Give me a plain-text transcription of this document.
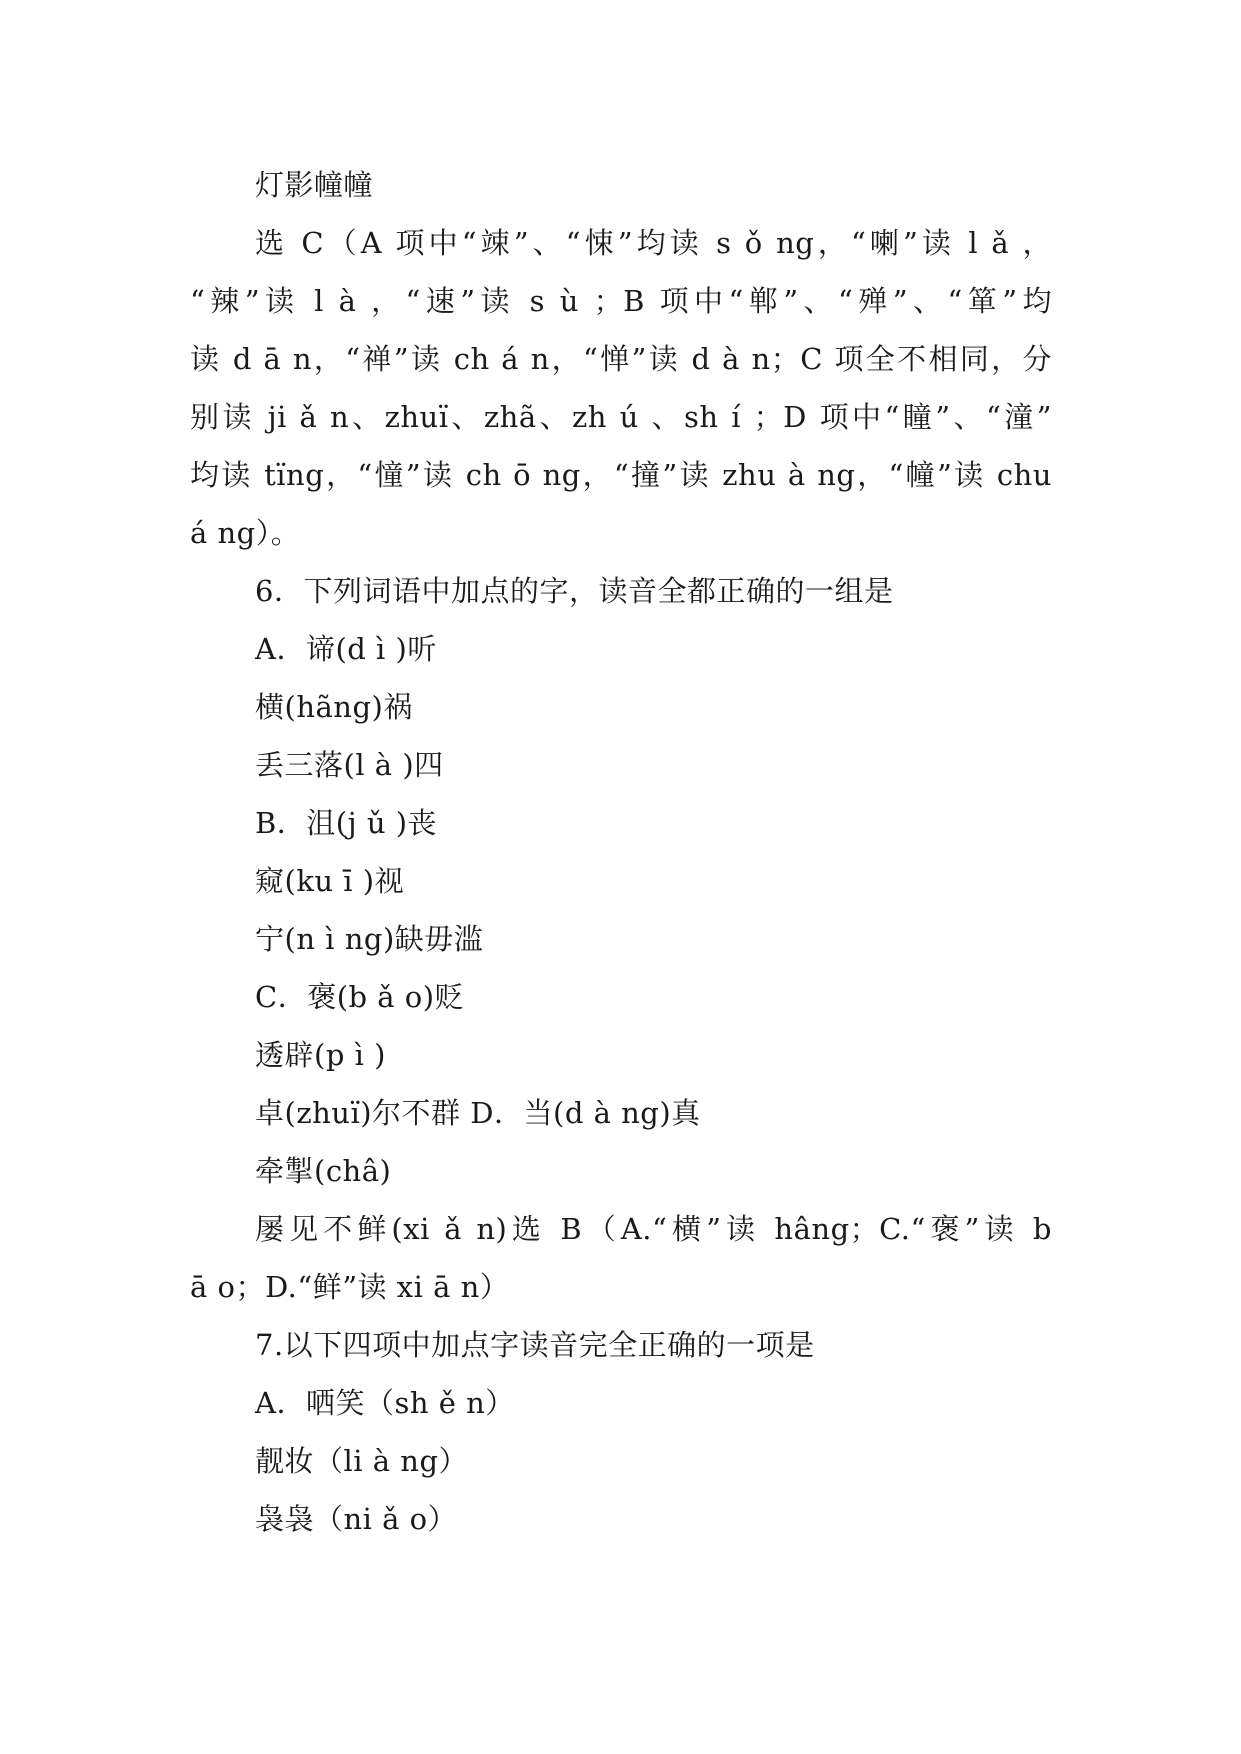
灯影幢幢
选 C（A 项中“竦”、“悚”均读 s ǒ ng，“喇”读 l ǎ ，
“辣”读 l à ，“速”读 s ù ；B 项中“郸”、“殚”、“箪”均
读 d ā n，“禅”读 ch á n，“惮”读 d à n；C 项全不相同，分
别读 ji ǎ n、zhuï、zhã、zh ú 、sh í ；D 项中“瞳”、“潼”
均读 tïng，“憧”读 ch ō ng，“撞”读 zhu à ng，“幢”读 chu
á ng）。
6．下列词语中加点的字，读音全都正确的一组是
A．谛(d ì )听
横(hãng)祸
丢三落(l à )四
B．沮(j ǔ )丧
窥(ku ī )视
宁(n ì ng)缺毋滥
C．褒(b ǎ o)贬
透辟(p ì )
卓(zhuï)尔不群 D．当(d à ng)真
牵掣(châ)
屡见不鲜(xi ǎ n)选 B（A.“横”读 hâng；C.“褒”读 b
ā o；D.“鲜”读 xi ā n）
7.以下四项中加点字读音完全正确的一项是
A．哂笑（sh ě n）
靓妆（li à ng）
袅袅（ni ǎ o）
